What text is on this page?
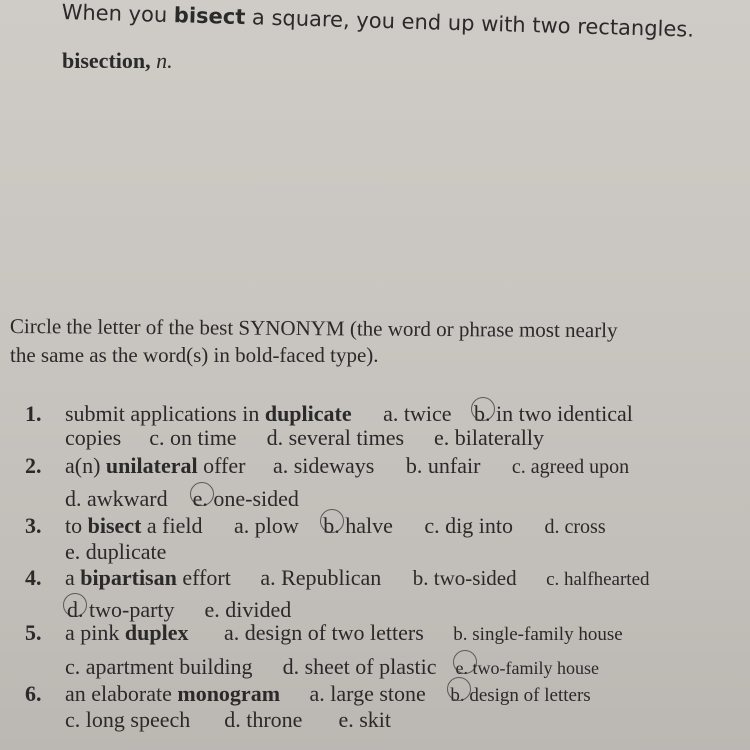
When you bisect a square, you end up with two rectangles.
bisection, n.
Circle the letter of the best SYNONYM (the word or phrase most nearly
the same as the word(s) in bold-faced type).
1. submit applications in duplicate a. twice b. in two identical
copies c. on time d. several times e. bilaterally
2. a(n) unilateral offer a. sideways b. unfair c. agreed upon
d. awkward e. one-sided
3. to bisect a field a. plow b. halve c. dig into d. cross
e. duplicate
4. a bipartisan effort a. Republican b. two-sided c. halfhearted
d. two-party e. divided
5. a pink duplex a. design of two letters b. single-family house
c. apartment building d. sheet of plastic e. two-family house
6. an elaborate monogram a. large stone b. design of letters
c. long speech d. throne e. skit
